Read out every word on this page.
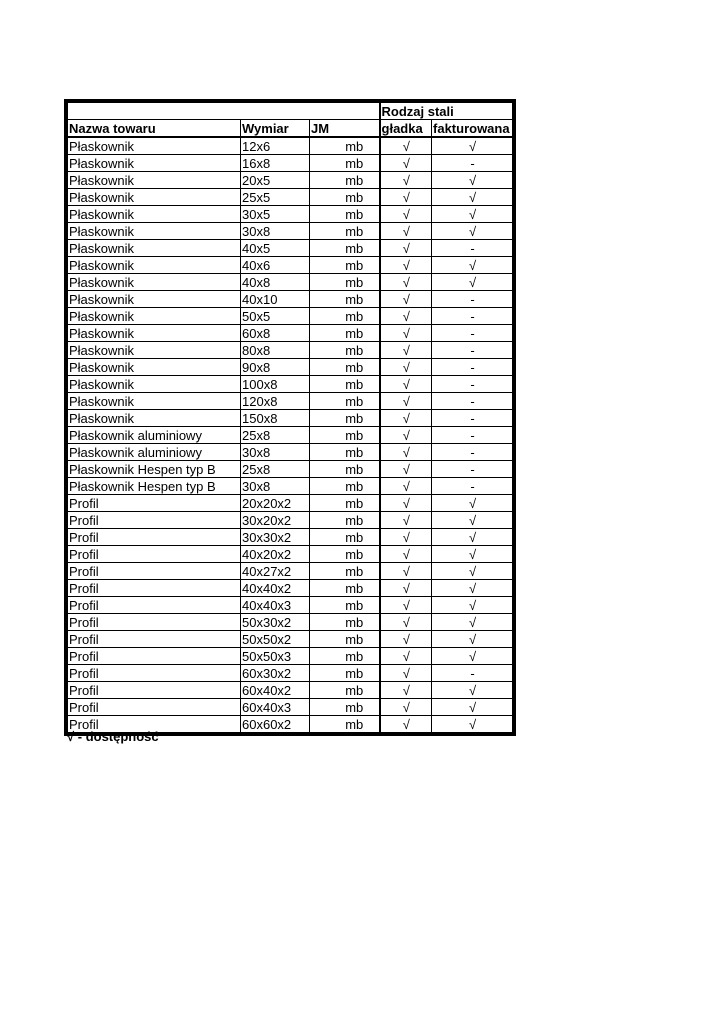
			Rodzaj stali	
Nazwa towaru	Wymiar	JM	gładka	fakturowana
Płaskownik	12x6	mb	√	√
Płaskownik	16x8	mb	√	-
Płaskownik	20x5	mb	√	√
Płaskownik	25x5	mb	√	√
Płaskownik	30x5	mb	√	√
Płaskownik	30x8	mb	√	√
Płaskownik	40x5	mb	√	-
Płaskownik	40x6	mb	√	√
Płaskownik	40x8	mb	√	√
Płaskownik	40x10	mb	√	-
Płaskownik	50x5	mb	√	-
Płaskownik	60x8	mb	√	-
Płaskownik	80x8	mb	√	-
Płaskownik	90x8	mb	√	-
Płaskownik	100x8	mb	√	-
Płaskownik	120x8	mb	√	-
Płaskownik	150x8	mb	√	-
Płaskownik aluminiowy	25x8	mb	√	-
Płaskownik aluminiowy	30x8	mb	√	-
Płaskownik Hespen typ B	25x8	mb	√	-
Płaskownik Hespen typ B	30x8	mb	√	-
Profil	20x20x2	mb	√	√
Profil	30x20x2	mb	√	√
Profil	30x30x2	mb	√	√
Profil	40x20x2	mb	√	√
Profil	40x27x2	mb	√	√
Profil	40x40x2	mb	√	√
Profil	40x40x3	mb	√	√
Profil	50x30x2	mb	√	√
Profil	50x50x2	mb	√	√
Profil	50x50x3	mb	√	√
Profil	60x30x2	mb	√	-
Profil	60x40x2	mb	√	√
Profil	60x40x3	mb	√	√
Profil	60x60x2	mb	√	√
√ - dostępność
